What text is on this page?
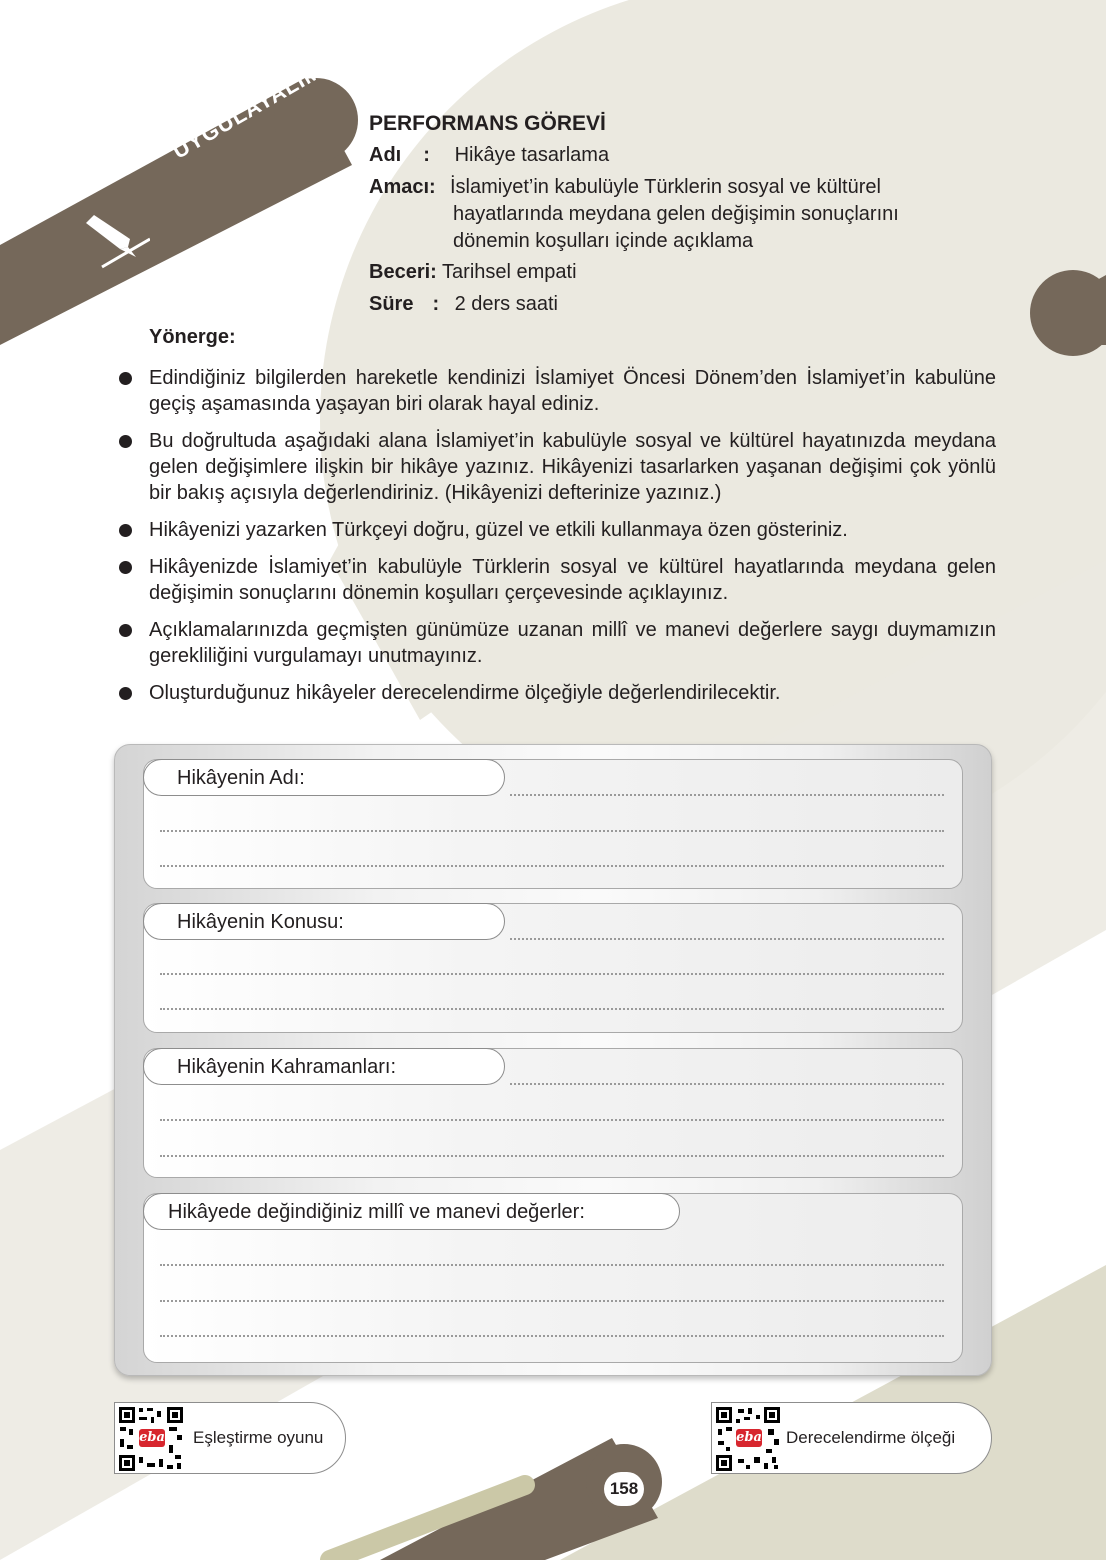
UYGULAYALIM PERFORMANS GÖREVİ
Adı : Hikâye tasarlama
Amacı: İslamiyet’in kabulüyle Türklerin sosyal ve kültürel
hayatlarında meydana gelen değişimin sonuçlarını
dönemin koşulları içinde açıklama
Beceri: Tarihsel empati
Süre : 2 ders saati
Yönerge:
Edindiğiniz bilgilerden hareketle kendinizi İslamiyet Öncesi Dönem’den İslamiyet’in kabulüne geçiş aşamasında yaşayan biri olarak hayal ediniz.
Bu doğrultuda aşağıdaki alana İslamiyet’in kabulüyle sosyal ve kültürel hayatınızda meydana gelen değişimlere ilişkin bir hikâye yazınız. Hikâyenizi tasarlarken yaşanan değişimi çok yönlü bir bakış açısıyla değerlendiriniz. (Hikâyenizi defterinize yazınız.)
Hikâyenizi yazarken Türkçeyi doğru, güzel ve etkili kullanmaya özen gösteriniz.
Hikâyenizde İslamiyet’in kabulüyle Türklerin sosyal ve kültürel hayatlarında meydana gelen değişimin sonuçlarını dönemin koşulları çerçevesinde açıklayınız.
Açıklamalarınızda geçmişten günümüze uzanan millî ve manevi değerlere saygı duymamızın gerekliliğini vurgulamayı unutmayınız.
Oluşturduğunuz hikâyeler derecelendirme ölçeğiyle değerlendirilecektir.
Hikâyenin Adı:
Hikâyenin Konusu:
Hikâyenin Kahramanları:
Hikâyede değindiğiniz millî ve manevi değerler:
eba Eşleştirme oyunu	eba Derecelendirme ölçeği
158
